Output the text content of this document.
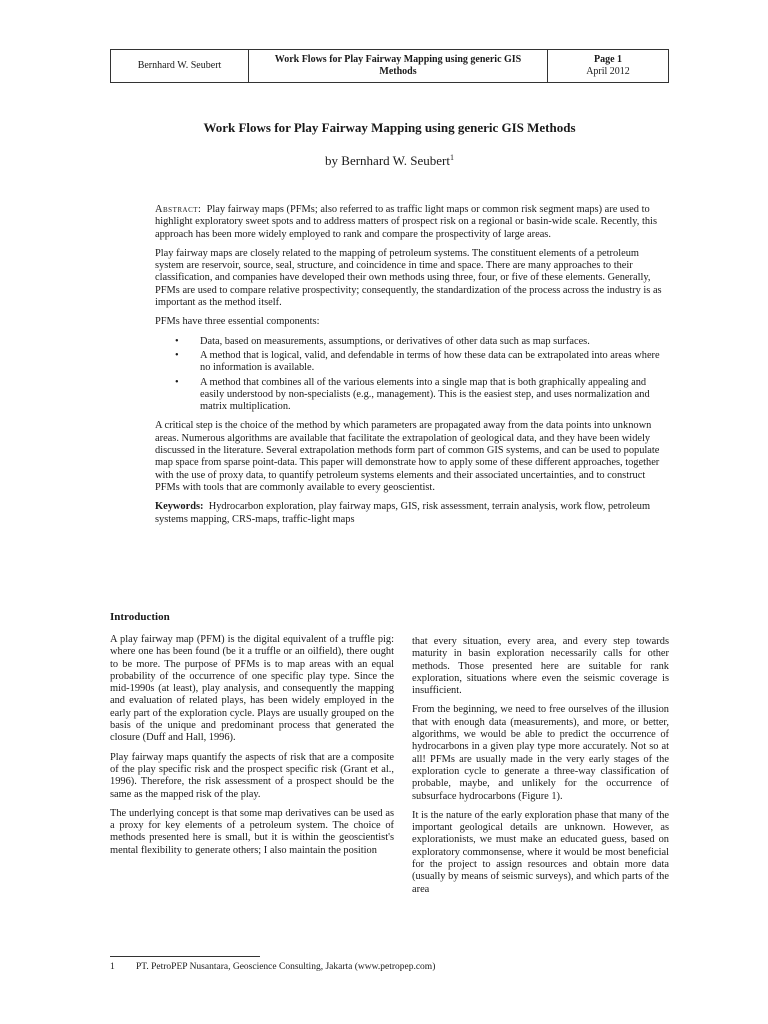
Bernhard W. Seubert
Work Flows for Play Fairway Mapping using generic GIS Methods
Page 1
April 2012
Work Flows for Play Fairway Mapping using generic GIS Methods
by Bernhard W. Seubert$^1$

Abstract: Play fairway maps (PFMs; also referred to as traffic light maps or common risk segment maps) are used to highlight exploratory sweet spots and to address matters of prospect risk on a regional or basin-wide scale. Recently, this approach has been more widely employed to rank and compare the prospectivity of large areas.

Play fairway maps are closely related to the mapping of petroleum systems. The constituent elements of a petroleum system are reservoir, source, seal, structure, and coincidence in time and space. There are many approaches to their classification, and companies have developed their own methods using three, four, or five of these elements. Generally, PFMs are used to compare relative prospectivity; consequently, the standardization of the process across the industry is as important as the method itself.

PFMs have three essential components:

• Data, based on measurements, assumptions, or derivatives of other data such as map surfaces.
• A method that is logical, valid, and defendable in terms of how these data can be extrapolated into areas where no information is available.
• A method that combines all of the various elements into a single map that is both graphically appealing and easily understood by non-specialists (e.g., management). This is the easiest step, and uses normalization and matrix multiplication.

A critical step is the choice of the method by which parameters are propagated away from the data points into unknown areas. Numerous algorithms are available that facilitate the extrapolation of geological data, and they have been widely discussed in the literature. Several extrapolation methods form part of common GIS systems, and can be used to populate map space from sparse point-data. This paper will demonstrate how to apply some of these different approaches, together with the use of proxy data, to quantify petroleum systems elements and their associated uncertainties, and to construct PFMs with tools that are commonly available to every geoscientist.

Keywords: Hydrocarbon exploration, play fairway maps, GIS, risk assessment, terrain analysis, work flow, petroleum systems mapping, CRS-maps, traffic-light maps

Introduction

A play fairway map (PFM) is the digital equivalent of a truffle pig: where one has been found (be it a truffle or an oilfield), there ought to be more. The purpose of PFMs is to map areas with an equal probability of the occurrence of one specific play type. Since the mid-1990s (at least), play analysis, and consequently the mapping and evaluation of related plays, has been widely employed in the early part of the exploration cycle. Plays are usually grouped on the basis of the unique and predominant process that generated the closure (Duff and Hall, 1996).

Play fairway maps quantify the aspects of risk that are a composite of the play specific risk and the prospect specific risk (Grant et al., 1996). Therefore, the risk assessment of a prospect should be the same as the mapped risk of the play.

The underlying concept is that some map derivatives can be used as a proxy for key elements of a petroleum system. The choice of methods presented here is small, but it is within the geoscientist's mental flexibility to generate others; I also maintain the position

that every situation, every area, and every step towards maturity in basin exploration necessarily calls for other methods. Those presented here are suitable for rank exploration, situations where even the seismic coverage is insufficient.

From the beginning, we need to free ourselves of the illusion that with enough data (measurements), and more, or better, algorithms, we would be able to predict the occurrence of hydrocarbons in a given play type more accurately. Not so at all! PFMs are usually made in the very early stages of the exploration cycle to generate a three-way classification of probable, maybe, and unlikely for the occurrence of subsurface hydrocarbons (Figure 1).

It is the nature of the early exploration phase that many of the important geological details are unknown. However, as explorationists, we must make an educated guess, based on exploratory commonsense, where it would be most beneficial for the project to assign resources and obtain more data (usually by means of seismic surveys), and which parts of the area

1 PT. PetroPEP Nusantara, Geoscience Consulting, Jakarta (www.petropep.com)
